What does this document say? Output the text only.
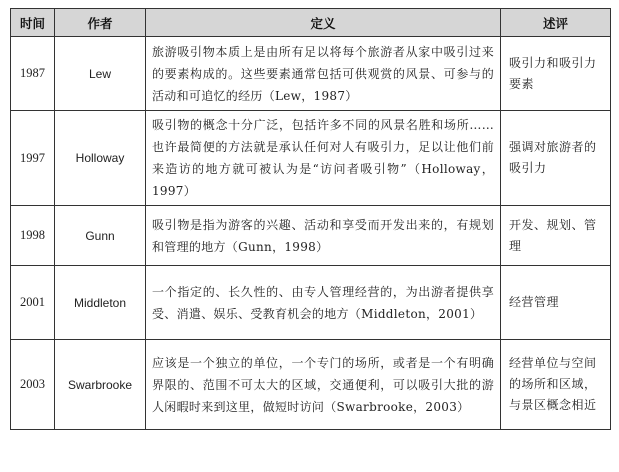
时间	作者	定义	述评
1987	Lew	旅游吸引物本质上是由所有足以将每个旅游者从家中吸引过来的要素构成的。这些要素通常包括可供观赏的风景、可参与的活动和可追忆的经历（Lew，1987）	吸引力和吸引力要素
1997	Holloway	吸引物的概念十分广泛，包括许多不同的风景名胜和场所……也许最简便的方法就是承认任何对人有吸引力，足以让他们前来造访的地方就可被认为是“访问者吸引物”（Holloway，1997）	强调对旅游者的吸引力
1998	Gunn	吸引物是指为游客的兴趣、活动和享受而开发出来的，有规划和管理的地方（Gunn，1998）	开发、规划、管理
2001	Middleton	一个指定的、长久性的、由专人管理经营的，为出游者提供享受、消遣、娱乐、受教育机会的地方（Middleton，2001）	经营管理
2003	Swarbrooke	应该是一个独立的单位，一个专门的场所，或者是一个有明确界限的、范围不可太大的区域，交通便利，可以吸引大批的游人闲暇时来到这里，做短时访问（Swarbrooke，2003）	经营单位与空间的场所和区域，与景区概念相近
